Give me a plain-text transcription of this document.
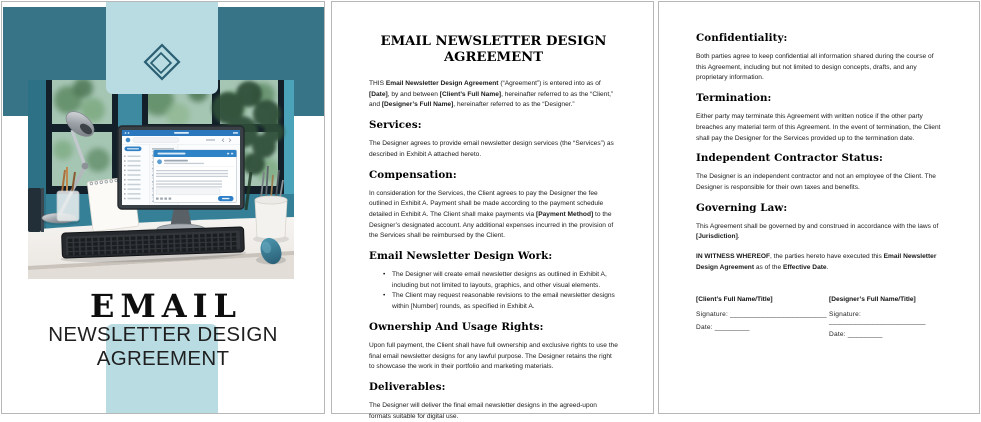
EMAIL
NEWSLETTER DESIGN
AGREEMENT
EMAIL NEWSLETTER DESIGN AGREEMENT

THIS Email Newsletter Design Agreement (“Agreement”) is entered into as of [Date], by and between [Client’s Full Name], hereinafter referred to as the “Client,” and [Designer’s Full Name], hereinafter referred to as the “Designer.”

Services:

The Designer agrees to provide email newsletter design services (the “Services”) as described in Exhibit A attached hereto.

Compensation:

In consideration for the Services, the Client agrees to pay the Designer the fee outlined in Exhibit A. Payment shall be made according to the payment schedule detailed in Exhibit A. The Client shall make payments via [Payment Method] to the Designer’s designated account. Any additional expenses incurred in the provision of the Services shall be reimbursed by the Client.

Email Newsletter Design Work:
• The Designer will create email newsletter designs as outlined in Exhibit A, including but not limited to layouts, graphics, and other visual elements.
• The Client may request reasonable revisions to the email newsletter designs within [Number] rounds, as specified in Exhibit A.
Ownership And Usage Rights:

Upon full payment, the Client shall have full ownership and exclusive rights to use the final email newsletter designs for any lawful purpose. The Designer retains the right to showcase the work in their portfolio and marketing materials.

Deliverables:

The Designer will deliver the final email newsletter designs in the agreed-upon formats suitable for digital use.

Confidentiality:

Both parties agree to keep confidential all information shared during the course of this Agreement, including but not limited to design concepts, drafts, and any proprietary information.

Termination:

Either party may terminate this Agreement with written notice if the other party breaches any material term of this Agreement. In the event of termination, the Client shall pay the Designer for the Services provided up to the termination date.

Independent Contractor Status:

The Designer is an independent contractor and not an employee of the Client. The Designer is responsible for their own taxes and benefits.

Governing Law:

This Agreement shall be governed by and construed in accordance with the laws of [Jurisdiction].

IN WITNESS WHEREOF, the parties hereto have executed this Email Newsletter Design Agreement as of the Effective Date.

[Client’s Full Name/Title]
Signature: _________________________
Date: _________
[Designer’s Full Name/Title]
Signature: _________________________
Date: _________
